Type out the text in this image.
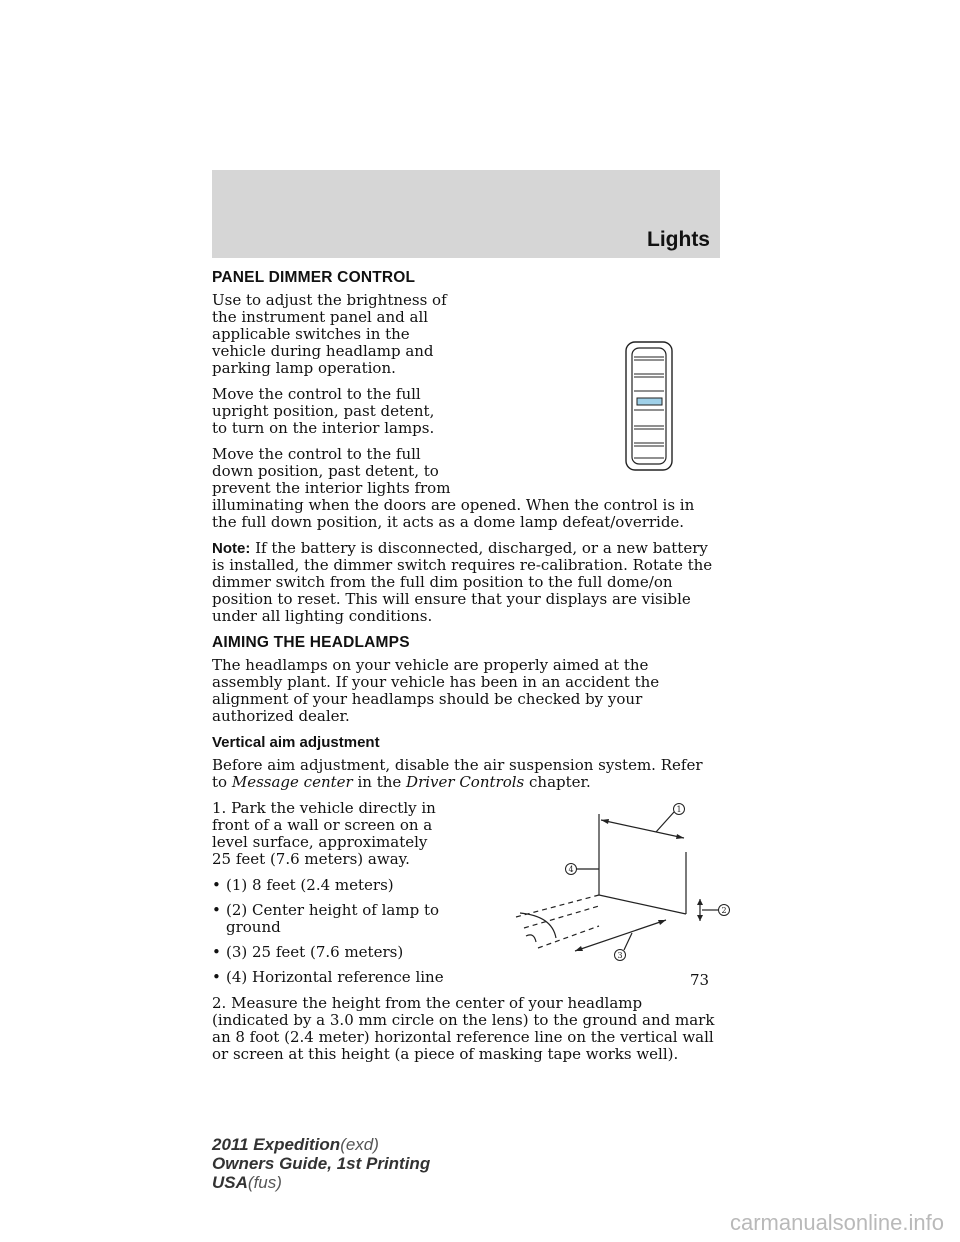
Lights
PANEL DIMMER CONTROL

Use to adjust the brightness of the instrument panel and all applicable switches in the vehicle during headlamp and parking lamp operation.

Move the control to the full upright position, past detent, to turn on the interior lamps.

Move the control to the full down position, past detent, to prevent the interior lights from illuminating when the doors are opened. When the control is in the full down position, it acts as a dome lamp defeat/override.

Note: If the battery is disconnected, discharged, or a new battery is installed, the dimmer switch requires re-calibration. Rotate the dimmer switch from the full dim position to the full dome/on position to reset. This will ensure that your displays are visible under all lighting conditions.

AIMING THE HEADLAMPS

The headlamps on your vehicle are properly aimed at the assembly plant. If your vehicle has been in an accident the alignment of your headlamps should be checked by your authorized dealer.

Vertical aim adjustment

Before aim adjustment, disable the air suspension system. Refer to Message center in the Driver Controls chapter.

1
2
3
4

1. Park the vehicle directly in front of a wall or screen on a level surface, approximately 25 feet (7.6 meters) away.

• (1) 8 feet (2.4 meters)
• (2) Center height of lamp to ground
• (3) 25 feet (7.6 meters)
• (4) Horizontal reference line

2. Measure the height from the center of your headlamp (indicated by a 3.0 mm circle on the lens) to the ground and mark an 8 foot (2.4 meter) horizontal reference line on the vertical wall or screen at this height (a piece of masking tape works well).

73
2011 Expedition(exd)
Owners Guide, 1st Printing
USA(fus)
carmanualsonline.info
